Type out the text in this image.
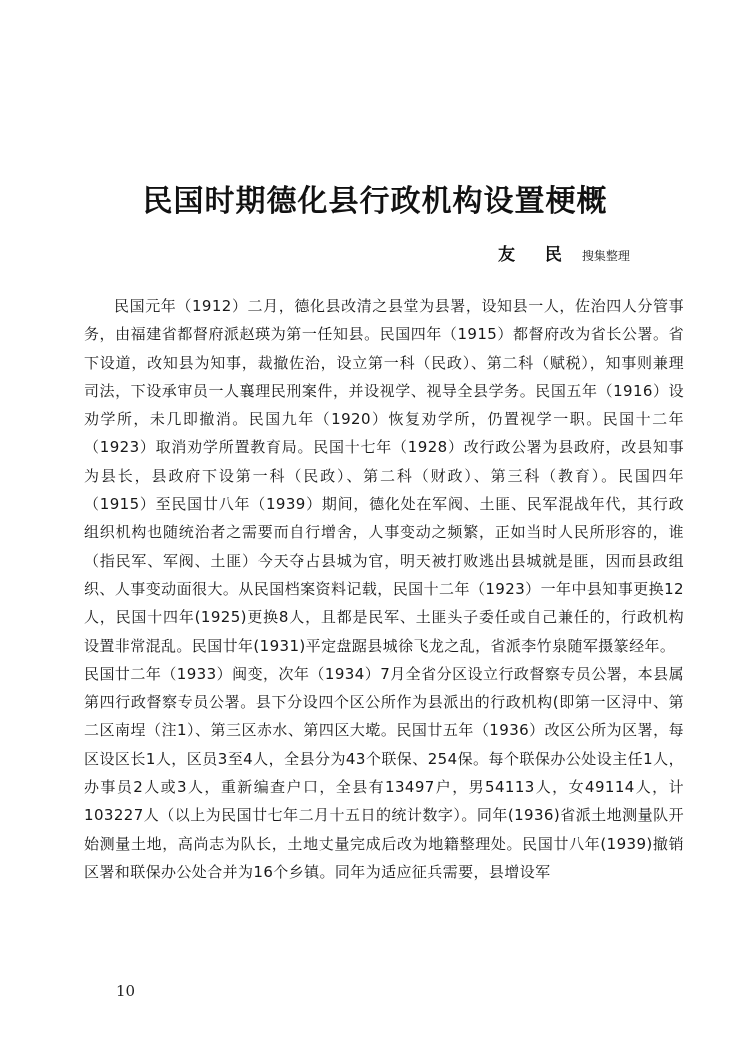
民国时期德化县行政机构设置梗概
友 民 搜集整理

民国元年（1912）二月，德化县改清之县堂为县署，设知县一人，佐治四人分管事务，由福建省都督府派赵瑛为第一任知县。民国四年（1915）都督府改为省长公署。省下设道，改知县为知事，裁撤佐治，设立第一科（民政）、第二科（赋税），知事则兼理司法，下设承审员一人襄理民刑案件，并设视学、视导全县学务。民国五年（1916）设劝学所，未几即撤消。民国九年（1920）恢复劝学所，仍置视学一职。民国十二年（1923）取消劝学所置教育局。民国十七年（1928）改行政公署为县政府，改县知事为县长，县政府下设第一科（民政）、第二科（财政）、第三科（教育）。民国四年（1915）至民国廿八年（1939）期间，德化处在军阀、土匪、民军混战年代，其行政组织机构也随统治者之需要而自行增舍，人事变动之频繁，正如当时人民所形容的，谁（指民军、军阀、土匪）今天夺占县城为官，明天被打败逃出县城就是匪，因而县政组织、人事变动面很大。从民国档案资料记载，民国十二年（1923）一年中县知事更换12人，民国十四年(1925)更换8人，且都是民军、土匪头子委任或自己兼任的，行政机构设置非常混乱。民国廿年(1931)平定盘踞县城徐飞龙之乱，省派李竹泉随军摄篆经年。

民国廿二年（1933）闽变，次年（1934）7月全省分区设立行政督察专员公署，本县属第四行政督察专员公署。县下分设四个区公所作为县派出的行政机构(即第一区浔中、第二区南埕（注1）、第三区赤水、第四区大墘。民国廿五年（1936）改区公所为区署，每区设区长1人，区员3至4人，全县分为43个联保、254保。每个联保办公处设主任1人，办事员2人或3人，重新编查户口，全县有13497户，男54113人，女49114人，计103227人（以上为民国廿七年二月十五日的统计数字）。同年(1936)省派土地测量队开始测量土地，高尚志为队长，土地丈量完成后改为地籍整理处。民国廿八年(1939)撤销区署和联保办公处合并为16个乡镇。同年为适应征兵需要，县增设军

10
